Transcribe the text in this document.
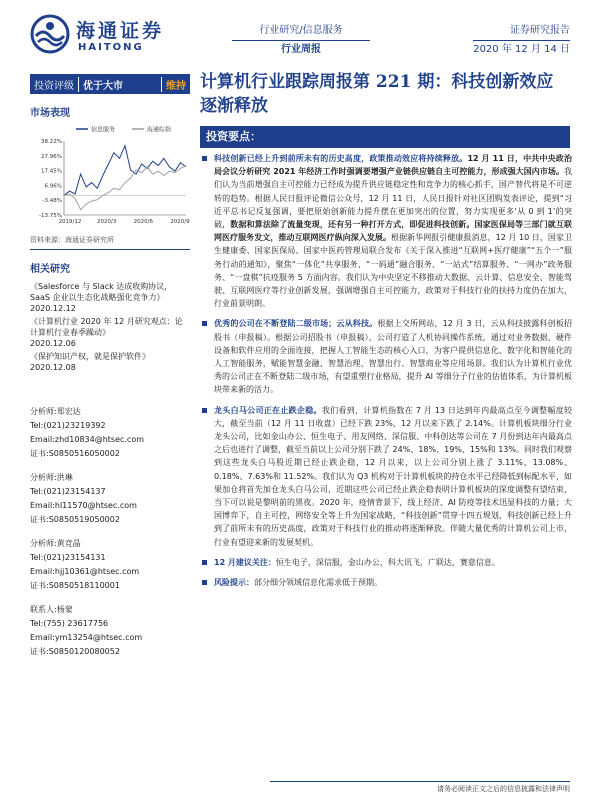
海通证券
HAITONG
行业研究/信息服务
行业周报
证券研究报告
2020 年 12 月 14 日
投资评级 优于大市	维持
市场表现
信息服务	海通综指
38.22%
27.96%
17.45%
6.96%
-3.48%
-13.75%
2019/12	2020/3	2020/6	2020/9
资料来源：海通证券研究所
相关研究
《Salesforce 与 Slack 达成收购协议，SaaS 企业以生态化战略强化竞争力》
2020.12.12
《计算机行业 2020 年 12 月研究观点：论计算机行业春季躁动》
2020.12.06
《保护知识产权，就是保护软件》
2020.12.08
分析师:郑宏达
Tel:(021)23219392
Email:zhd10834@htsec.com
证书:S0850516050002
分析师:洪琳
Tel:(021)23154137
Email:hl11570@htsec.com
证书:S0850519050002
分析师:黄竞晶
Tel:(021)23154131
Email:hjj10361@htsec.com
证书:S0850518110001
联系人:杨蒙
Tel:(755) 23617756
Email:ym13254@htsec.com
证书:S0850120080052
计算机行业跟踪周报第 221 期：科技创新效应逐渐释放
投资要点：
科技创新已经上升到前所未有的历史高度，政策推动效应将持续释放。12 月 11 日，中共中央政治局会议分析研究 2021 年经济工作时强调要增强产业链供应链自主可控能力，形成强大国内市场。我们认为当前增强自主可控能力已经成为提升供应链稳定性和竞争力的核心抓手，国产替代将是不可逆转的趋势。根据人民日报评论微信公众号，12 月 11 日，人民日报针对社区团购发表评论，提到“习近平总书记反复强调，要把原始创新能力提升摆在更加突出的位置，努力实现更多‘从 0 到 1’的突破，数据和算法除了流量变现，还有另一种打开方式，即促进科技创新。国家医保局等三部门就互联网医疗服务发文，推动互联网医疗纵向深入发展。根据新华网报引健康报消息，12 月 10 日，国家卫生健康委、国家医保局、国家中医药管理局联合发布《关于深入推进“互联网+医疗健康”“五个一”服务行动的通知》，聚焦“一体化”共享服务、“一码通”融合服务、“一站式”结算服务、“一网办”政务服务、“一盘棋”抗疫服务 5 方面内容。我们认为中央坚定不移推动大数据、云计算、信息安全、智能驾驶、互联网医疗等行业创新发展，强调增强自主可控能力，政策对于科技行业的扶持力度仍在加大，行业前景明朗。
优秀的公司在不断登陆二级市场；云从科技。根据上交所网站，12 月 3 日，云从科技披露科创板招股书（申报稿）。根据公司招股书（申报稿），公司打造了人机协同操作系统，通过对业务数据、硬件设备和软件应用的全面连接，把握人工智能生态的核心入口，为客户提供信息化、数字化和智能化的人工智能服务，赋能智慧金融、智慧治理、智慧出行、智慧商业等应用场景。我们认为计算机行业优秀的公司正在不断登陆二级市场，有望重塑行业格局，提升 AI 等细分子行业的估值体系，为计算机板块带来新的活力。
龙头白马公司正在止跌企稳。我们看到，计算机指数在 7 月 13 日达到年内最高点至今调整幅度较大，截至当前（12 月 11 日收盘）已经下跌 23%，12 月以来下跌了 2.14%。计算机板块细分行业龙头公司，比如金山办公、恒生电子、用友网络、深信服、中科创达等公司在 7 月份到达年内最高点之后也进行了调整，截至当前以上公司分别下跌了 24%、18%、19%、15%和 13%。同时我们观察到这些龙头白马股近期已经止跌企稳，12 月以来，以上公司分别上涨了 3.11%、13.08%、0.18%、7.63%和 11.52%。我们认为 Q3 机构对于计算机板块的持仓水平已经降低到标配水平，如果加仓将首先加仓龙头白马公司，近期这些公司已经止跌企稳表明计算机板块的深度调整有望结束，当下可以说是黎明前的黑夜。2020 年，疫情背景下，线上经济、AI 防疫等技术迅显科技的力量；大国博弈下，自主可控，网络安全等上升为国家战略，“科技创新”贯穿十四五规划，科技创新已经上升到了前所未有的历史高度，政策对于科技行业的推动将逐渐释放。伴随大量优秀的计算机公司上市，行业有望迎来新的发展契机。
12 月建议关注：恒生电子，深信服，金山办公，科大讯飞，广联达，赛意信息。
风险提示：部分细分领域信息化需求低于预期。
请务必阅读正文之后的信息披露和法律声明
